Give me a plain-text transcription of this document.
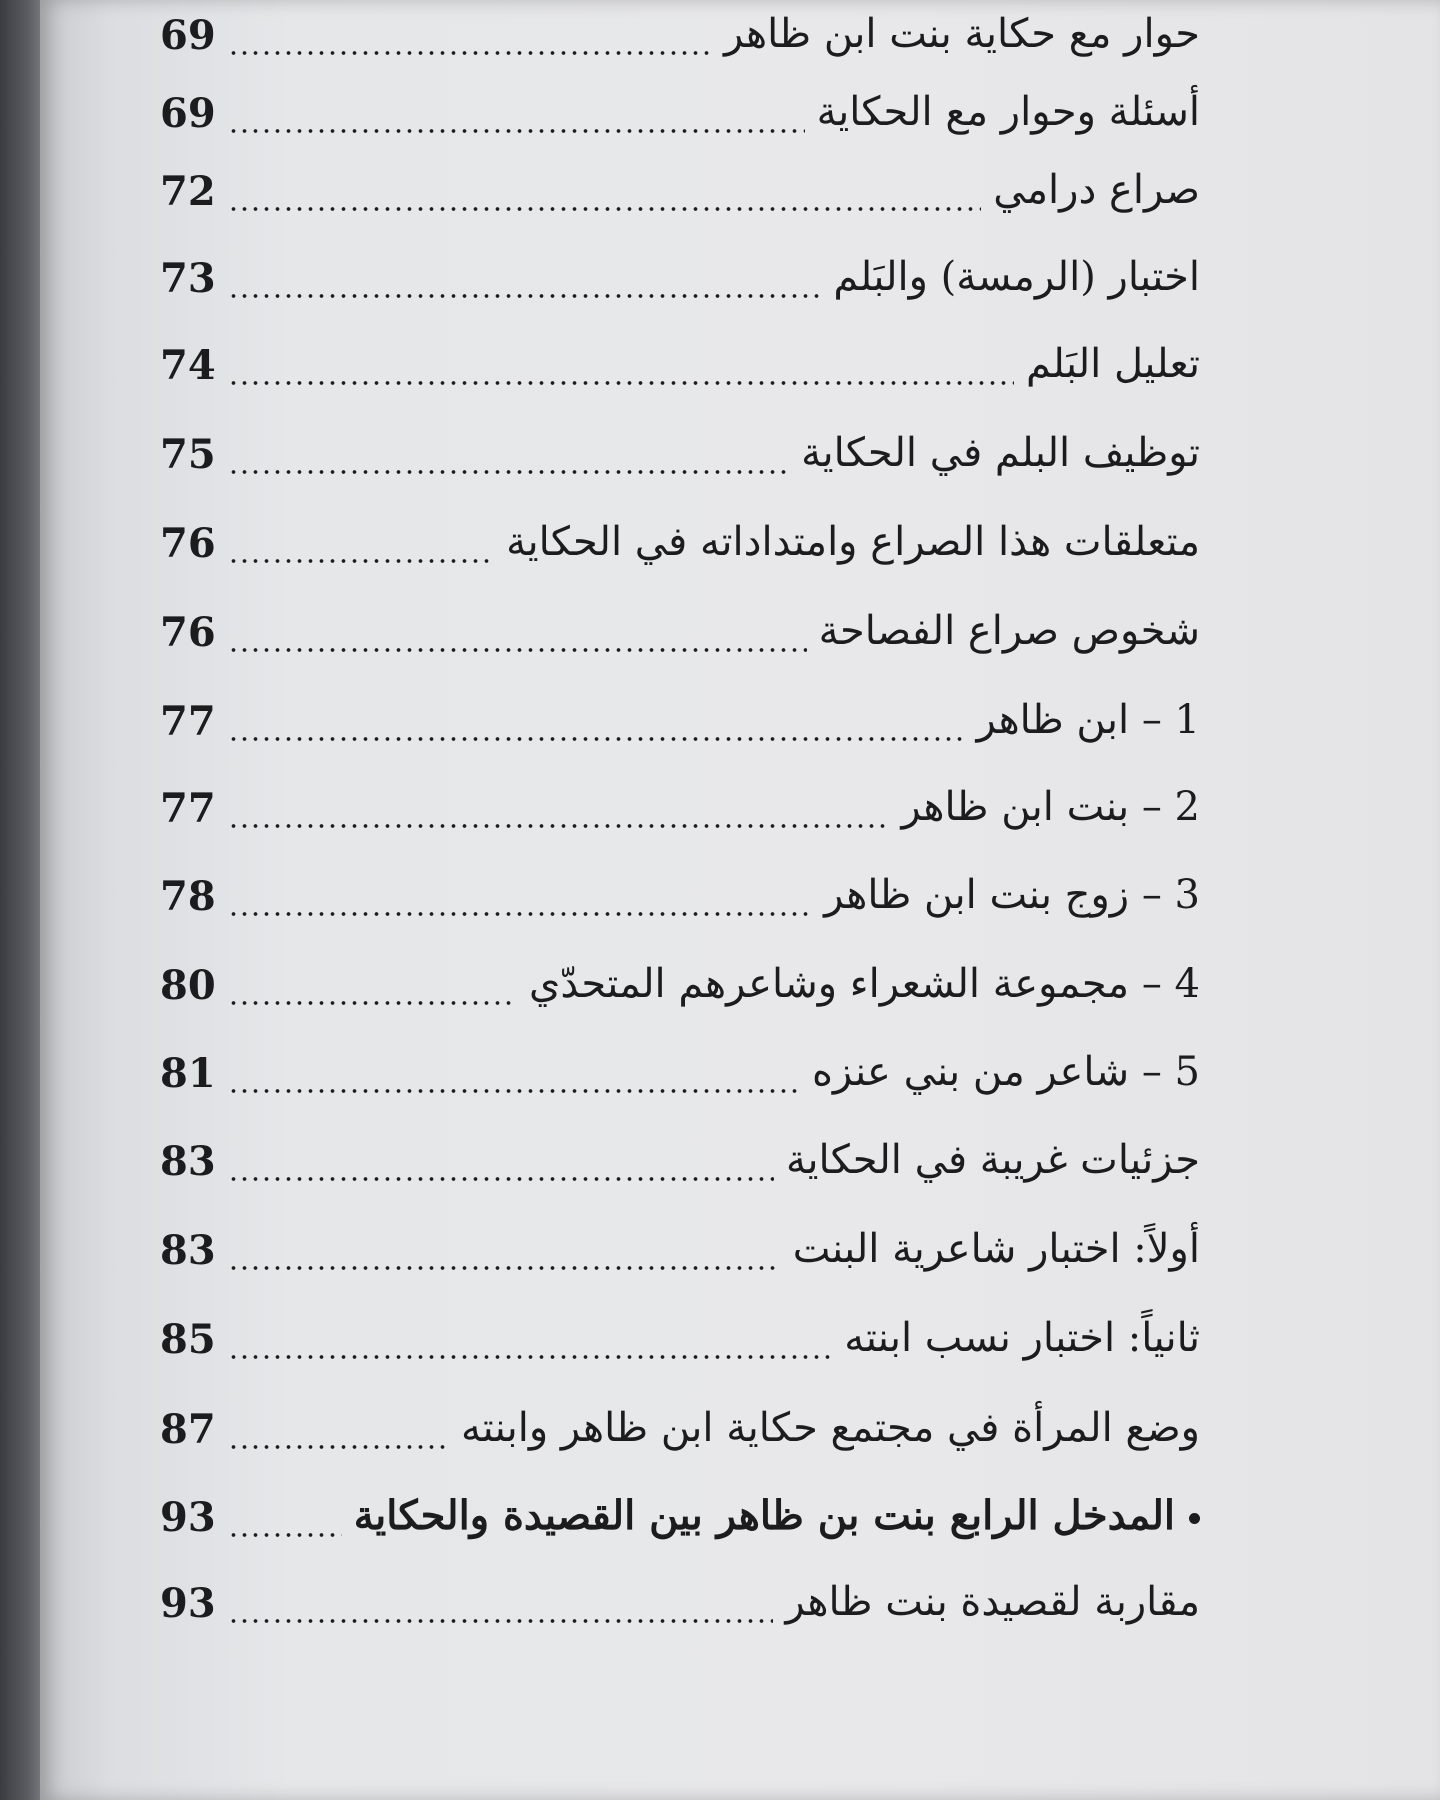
حوار مع حكاية بنت ابن ظاهر
69
أسئلة وحوار مع الحكاية
69
صراع درامي
72
اختبار (الرمسة) والبَلم
73
تعليل البَلم
74
توظيف البلم في الحكاية
75
متعلقات هذا الصراع وامتداداته في الحكاية
76
شخوص صراع الفصاحة
76
1 – ابن ظاهر
77
2 – بنت ابن ظاهر
77
3 – زوج بنت ابن ظاهر
78
4 – مجموعة الشعراء وشاعرهم المتحدّي
80
5 – شاعر من بني عنزه
81
جزئيات غريبة في الحكاية
83
أولاً: اختبار شاعرية البنت
83
ثانياً: اختبار نسب ابنته
85
وضع المرأة في مجتمع حكاية ابن ظاهر وابنته
87
المدخل الرابع بنت بن ظاهر بين القصيدة والحكاية
93
مقاربة لقصيدة بنت ظاهر
93
